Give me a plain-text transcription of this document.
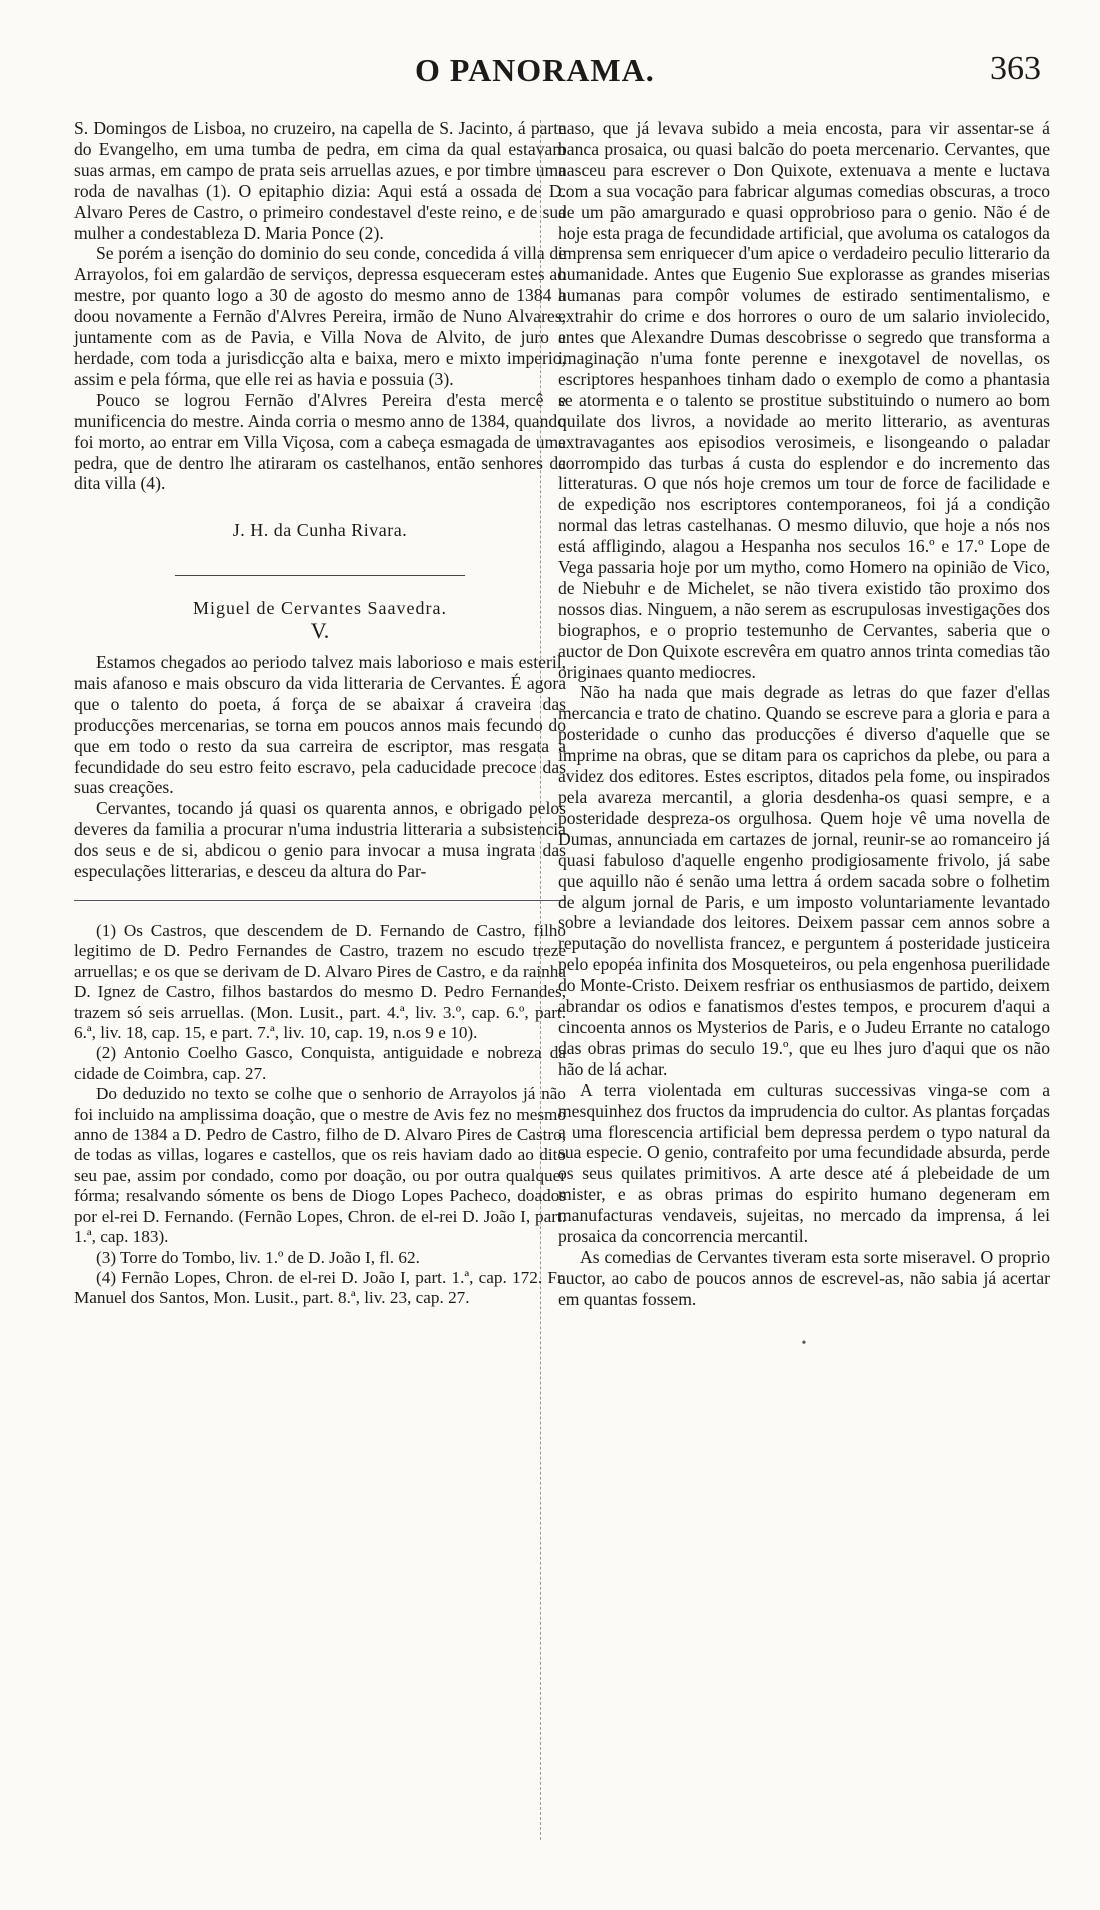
O PANORAMA.	363

S. Domingos de Lisboa, no cruzeiro, na capella de S. Jacinto, á parte do Evangelho, em uma tumba de pedra, em cima da qual estavam suas armas, em campo de prata seis arruellas azues, e por timbre uma roda de navalhas (1). O epitaphio dizia: Aqui está a ossada de D. Alvaro Peres de Castro, o primeiro condestavel d'este reino, e de sua mulher a condestableza D. Maria Ponce (2).

Se porém a isenção do dominio do seu conde, concedida á villa de Arrayolos, foi em galardão de serviços, depressa esqueceram estes ao mestre, por quanto logo a 30 de agosto do mesmo anno de 1384 a doou novamente a Fernão d'Alvres Pereira, irmão de Nuno Alvares, juntamente com as de Pavia, e Villa Nova de Alvito, de juro e herdade, com toda a jurisdicção alta e baixa, mero e mixto imperio, assim e pela fórma, que elle rei as havia e possuia (3).

Pouco se logrou Fernão d'Alvres Pereira d'esta mercê e munificencia do mestre. Ainda corria o mesmo anno de 1384, quando foi morto, ao entrar em Villa Viçosa, com a cabeça esmagada de uma pedra, que de dentro lhe atiraram os castelhanos, então senhores da dita villa (4).

J. H. da Cunha Rivara.
Miguel de Cervantes Saavedra.
V.

Estamos chegados ao periodo talvez mais laborioso e mais esteril, mais afanoso e mais obscuro da vida litteraria de Cervantes. É agora que o talento do poeta, á força de se abaixar á craveira das producções mercenarias, se torna em poucos annos mais fecundo do que em todo o resto da sua carreira de escriptor, mas resgata a fecundidade do seu estro feito escravo, pela caducidade precoce das suas creações.

Cervantes, tocando já quasi os quarenta annos, e obrigado pelos deveres da familia a procurar n'uma industria litteraria a subsistencia dos seus e de si, abdicou o genio para invocar a musa ingrata das especulações litterarias, e desceu da altura do Par-

(1) Os Castros, que descendem de D. Fernando de Castro, filho legitimo de D. Pedro Fernandes de Castro, trazem no escudo treze arruellas; e os que se derivam de D. Alvaro Pires de Castro, e da rainha D. Ignez de Castro, filhos bastardos do mesmo D. Pedro Fernandes, trazem só seis arruellas. (Mon. Lusit., part. 4.ª, liv. 3.º, cap. 6.º, part. 6.ª, liv. 18, cap. 15, e part. 7.ª, liv. 10, cap. 19, n.os 9 e 10).

(2) Antonio Coelho Gasco, Conquista, antiguidade e nobreza da cidade de Coimbra, cap. 27.

Do deduzido no texto se colhe que o senhorio de Arrayolos já não foi incluido na amplissima doação, que o mestre de Avis fez no mesmo anno de 1384 a D. Pedro de Castro, filho de D. Alvaro Pires de Castro, de todas as villas, logares e castellos, que os reis haviam dado ao dito seu pae, assim por condado, como por doação, ou por outra qualquer fórma; resalvando sómente os bens de Diogo Lopes Pacheco, doados por el-rei D. Fernando. (Fernão Lopes, Chron. de el-rei D. João I, part. 1.ª, cap. 183).

(3) Torre do Tombo, liv. 1.º de D. João I, fl. 62.

(4) Fernão Lopes, Chron. de el-rei D. João I, part. 1.ª, cap. 172. Fr. Manuel dos Santos, Mon. Lusit., part. 8.ª, liv. 23, cap. 27.

naso, que já levava subido a meia encosta, para vir assentar-se á banca prosaica, ou quasi balcão do poeta mercenario. Cervantes, que nasceu para escrever o Don Quixote, extenuava a mente e luctava com a sua vocação para fabricar algumas comedias obscuras, a troco de um pão amargurado e quasi opprobrioso para o genio. Não é de hoje esta praga de fecundidade artificial, que avoluma os catalogos da imprensa sem enriquecer d'um apice o verdadeiro peculio litterario da humanidade. Antes que Eugenio Sue explorasse as grandes miserias humanas para compôr volumes de estirado sentimentalismo, e extrahir do crime e dos horrores o ouro de um salario inviolecido, antes que Alexandre Dumas descobrisse o segredo que transforma a imaginação n'uma fonte perenne e inexgotavel de novellas, os escriptores hespanhoes tinham dado o exemplo de como a phantasia se atormenta e o talento se prostitue substituindo o numero ao bom quilate dos livros, a novidade ao merito litterario, as aventuras extravagantes aos episodios verosimeis, e lisongeando o paladar corrompido das turbas á custa do esplendor e do incremento das litteraturas. O que nós hoje cremos um tour de force de facilidade e de expedição nos escriptores contemporaneos, foi já a condição normal das letras castelhanas. O mesmo diluvio, que hoje a nós nos está affligindo, alagou a Hespanha nos seculos 16.º e 17.º Lope de Vega passaria hoje por um mytho, como Homero na opinião de Vico, de Niebuhr e de Michelet, se não tivera existido tão proximo dos nossos dias. Ninguem, a não serem as escrupulosas investigações dos biographos, e o proprio testemunho de Cervantes, saberia que o auctor de Don Quixote escrevêra em quatro annos trinta comedias tão originaes quanto mediocres.

Não ha nada que mais degrade as letras do que fazer d'ellas mercancia e trato de chatino. Quando se escreve para a gloria e para a posteridade o cunho das producções é diverso d'aquelle que se imprime na obras, que se ditam para os caprichos da plebe, ou para a avidez dos editores. Estes escriptos, ditados pela fome, ou inspirados pela avareza mercantil, a gloria desdenha-os quasi sempre, e a posteridade despreza-os orgulhosa. Quem hoje vê uma novella de Dumas, annunciada em cartazes de jornal, reunir-se ao romanceiro já quasi fabuloso d'aquelle engenho prodigiosamente frivolo, já sabe que aquillo não é senão uma lettra á ordem sacada sobre o folhetim de algum jornal de Paris, e um imposto voluntariamente levantado sobre a leviandade dos leitores. Deixem passar cem annos sobre a reputação do novellista francez, e perguntem á posteridade justiceira pelo epopéa infinita dos Mosqueteiros, ou pela engenhosa puerilidade do Monte-Cristo. Deixem resfriar os enthusiasmos de partido, deixem abrandar os odios e fanatismos d'estes tempos, e procurem d'aqui a cincoenta annos os Mysterios de Paris, e o Judeu Errante no catalogo das obras primas do seculo 19.º, que eu lhes juro d'aqui que os não hão de lá achar.

A terra violentada em culturas successivas vinga-se com a mesquinhez dos fructos da imprudencia do cultor. As plantas forçadas a uma florescencia artificial bem depressa perdem o typo natural da sua especie. O genio, contrafeito por uma fecundidade absurda, perde os seus quilates primitivos. A arte desce até á plebeidade de um mister, e as obras primas do espirito humano degeneram em manufacturas vendaveis, sujeitas, no mercado da imprensa, á lei prosaica da concorrencia mercantil.

As comedias de Cervantes tiveram esta sorte miseravel. O proprio auctor, ao cabo de poucos annos de escrevel-as, não sabia já acertar em quantas fossem.

•
